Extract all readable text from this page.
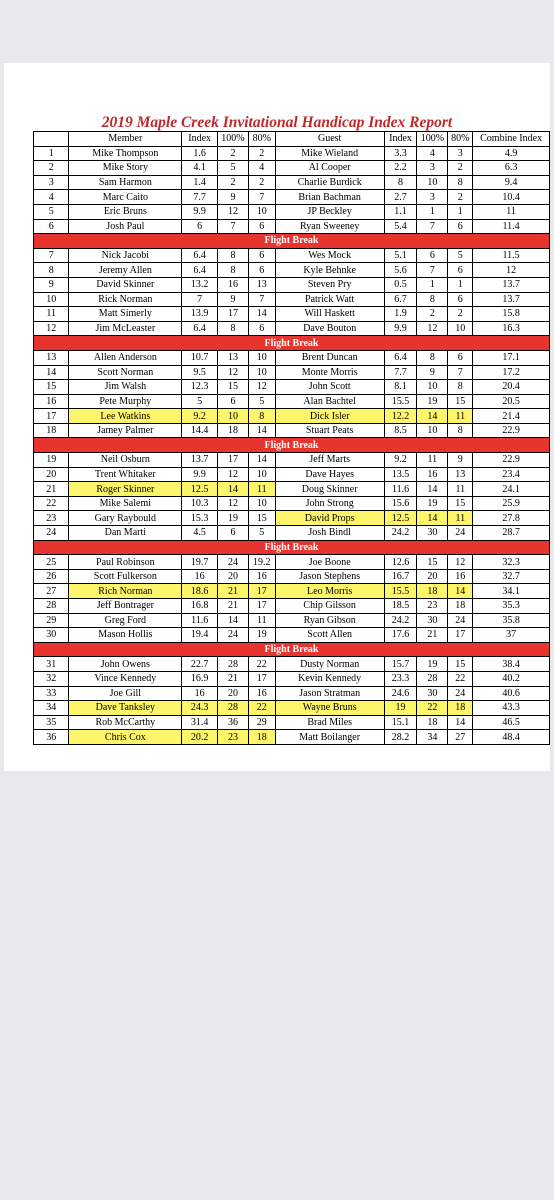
2019 Maple Creek Invitational Handicap Index Report
	Member	Index	100%	80%	Guest	Index	100%	80%	Combine Index
1	Mike Thompson	1.6	2	2	Mike Wieland	3.3	4	3	4.9
2	Mike Story	4.1	5	4	Al Cooper	2.2	3	2	6.3
3	Sam Harmon	1.4	2	2	Charlie Burdick	8	10	8	9.4
4	Marc Caito	7.7	9	7	Brian Bachman	2.7	3	2	10.4
5	Eric Bruns	9.9	12	10	JP Beckley	1.1	1	1	11
6	Josh Paul	6	7	6	Ryan Sweeney	5.4	7	6	11.4
Flight Break									
7	Nick Jacobi	6.4	8	6	Wes Mock	5.1	6	5	11.5
8	Jeremy Allen	6.4	8	6	Kyle Behnke	5.6	7	6	12
9	David Skinner	13.2	16	13	Steven Pry	0.5	1	1	13.7
10	Rick Norman	7	9	7	Patrick Watt	6.7	8	6	13.7
11	Matt Simerly	13.9	17	14	Will Haskett	1.9	2	2	15.8
12	Jim McLeaster	6.4	8	6	Dave Bouton	9.9	12	10	16.3
Flight Break									
13	Allen Anderson	10.7	13	10	Brent Duncan	6.4	8	6	17.1
14	Scott Norman	9.5	12	10	Monte Morris	7.7	9	7	17.2
15	Jim Walsh	12.3	15	12	John Scott	8.1	10	8	20.4
16	Pete Murphy	5	6	5	Alan Bachtel	15.5	19	15	20.5
17	Lee Watkins	9.2	10	8	Dick Isler	12.2	14	11	21.4
18	Jamey Palmer	14.4	18	14	Stuart Peats	8.5	10	8	22.9
Flight Break									
19	Neil Osburn	13.7	17	14	Jeff Marts	9.2	11	9	22.9
20	Trent Whitaker	9.9	12	10	Dave Hayes	13.5	16	13	23.4
21	Roger Skinner	12.5	14	11	Doug Skinner	11.6	14	11	24.1
22	Mike Salemi	10.3	12	10	John Strong	15.6	19	15	25.9
23	Gary Raybould	15.3	19	15	David Props	12.5	14	11	27.8
24	Dan Marti	4.5	6	5	Josh Bindl	24.2	30	24	28.7
Flight Break									
25	Paul Robinson	19.7	24	19.2	Joe Boone	12.6	15	12	32.3
26	Scott Fulkerson	16	20	16	Jason Stephens	16.7	20	16	32.7
27	Rich Norman	18.6	21	17	Leo Morris	15.5	18	14	34.1
28	Jeff Bontrager	16.8	21	17	Chip Gilsson	18.5	23	18	35.3
29	Greg Ford	11.6	14	11	Ryan Gibson	24.2	30	24	35.8
30	Mason Hollis	19.4	24	19	Scott Allen	17.6	21	17	37
Flight Break									
31	John Owens	22.7	28	22	Dusty Norman	15.7	19	15	38.4
32	Vince Kennedy	16.9	21	17	Kevin Kennedy	23.3	28	22	40.2
33	Joe Gill	16	20	16	Jason Stratman	24.6	30	24	40.6
34	Dave Tanksley	24.3	28	22	Wayne Bruns	19	22	18	43.3
35	Rob McCarthy	31.4	36	29	Brad Miles	15.1	18	14	46.5
36	Chris Cox	20.2	23	18	Matt Boilanger	28.2	34	27	48.4
